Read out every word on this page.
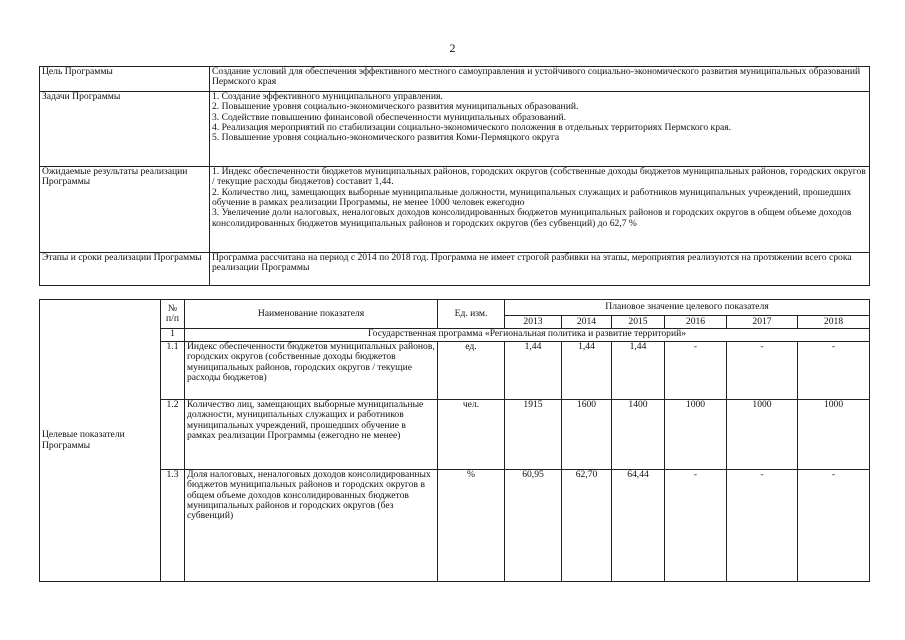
2
Цель Программы	Создание условий для обеспечения эффективного местного самоуправления и устойчивого социально-экономического развития муниципальных образований Пермского края
Задачи Программы	1. Создание эффективного муниципального управления.
2. Повышение уровня социально-экономического развития муниципальных образований.
3. Содействие повышению финансовой обеспеченности муниципальных образований.
4. Реализация мероприятий по стабилизации социально-экономического положения в отдельных территориях Пермского края.
5. Повышение уровня социально-экономического развития Коми-Пермяцкого округа

Ожидаемые результаты реализации Программы	1. Индекс обеспеченности бюджетов муниципальных районов, городских округов (собственные доходы бюджетов муниципальных районов, городских округов / текущие расходы бюджетов) составит 1,44.
2. Количество лиц, замещающих выборные муниципальные должности, муниципальных служащих и работников муниципальных учреждений, прошедших обучение в рамках реализации Программы, не менее 1000 человек ежегодно
3. Увеличение доли налоговых, неналоговых доходов консолидированных бюджетов муниципальных районов и городских округов в общем объеме доходов консолидированных бюджетов муниципальных районов и городских округов (без субвенций) до 62,7 %

Этапы и сроки реализации Программы	Программа рассчитана на период с 2014 по 2018 год. Программа не имеет строгой разбивки на этапы, мероприятия реализуются на протяжении всего срока реализации Программы
Целевые показатели Программы	№ п/п	Наименование показателя	Ед. изм.	Плановое значение целевого показателя					
				2013	2014	2015	2016	2017	2018
	1	Государственная программа «Региональная политика и развитие территорий»							
	1.1	Индекс обеспеченности бюджетов муниципальных районов, городских округов (собственные доходы бюджетов муниципальных районов, городских округов / текущие расходы бюджетов)	ед.	1,44	1,44	1,44	-	-	-
	1.2	Количество лиц, замещающих выборные муниципальные должности, муниципальных служащих и работников муниципальных учреждений, прошедших обучение в рамках реализации Программы (ежегодно не менее)	чел.	1915	1600	1400	1000	1000	1000
	1.3	Доля налоговых, неналоговых доходов консолидированных бюджетов муниципальных районов и городских округов в общем объеме доходов консолидированных бюджетов муниципальных районов и городских округов (без субвенций)	%	60,95	62,70	64,44	-	-	-
